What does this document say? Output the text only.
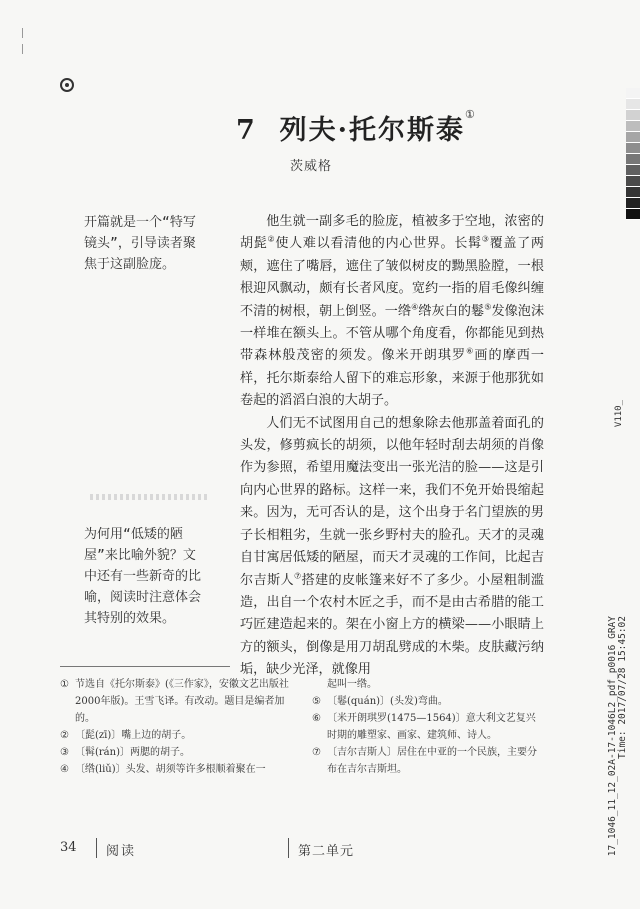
7 列夫·托尔斯泰①
茨威格
开篇就是一个“特写镜头”，引导读者聚焦于这副脸庞。
为何用“低矮的陋屋”来比喻外貌？文中还有一些新奇的比喻，阅读时注意体会其特别的效果。

他生就一副多毛的脸庞，植被多于空地，浓密的胡髭②使人难以看清他的内心世界。长髯③覆盖了两颊，遮住了嘴唇，遮住了皱似树皮的黝黑脸膛，一根根迎风飘动，颇有长者风度。宽约一指的眉毛像纠缠不清的树根，朝上倒竖。一绺④绺灰白的鬈⑤发像泡沫一样堆在额头上。不管从哪个角度看，你都能见到热带森林般茂密的须发。像米开朗琪罗⑥画的摩西一样，托尔斯泰给人留下的难忘形象，来源于他那犹如卷起的滔滔白浪的大胡子。

人们无不试图用自己的想象除去他那盖着面孔的头发，修剪疯长的胡须，以他年轻时刮去胡须的肖像作为参照，希望用魔法变出一张光洁的脸——这是引向内心世界的路标。这样一来，我们不免开始畏缩起来。因为，无可否认的是，这个出身于名门望族的男子长相粗劣，生就一张乡野村夫的脸孔。天才的灵魂自甘寓居低矮的陋屋，而天才灵魂的工作间，比起吉尔吉斯人⑦搭建的皮帐篷来好不了多少。小屋粗制滥造，出自一个农村木匠之手，而不是由古希腊的能工巧匠建造起来的。架在小窗上方的横梁——小眼睛上方的额头，倒像是用刀胡乱劈成的木柴。皮肤藏污纳垢，缺少光泽，就像用

① 节选自《托尔斯泰》(《三作家》，安徽文艺出版社2000年版)。王雪飞译。有改动。题目是编者加的。
② 〔髭(zī)〕嘴上边的胡子。
③ 〔髯(rán)〕两腮的胡子。
④ 〔绺(liǔ)〕头发、胡须等许多根顺着聚在一
起叫一绺。
⑤ 〔鬈(quán)〕(头发)弯曲。
⑥ 〔米开朗琪罗(1475—1564)〕意大利文艺复兴时期的雕塑家、画家、建筑师、诗人。
⑦ 〔吉尔吉斯人〕居住在中亚的一个民族，主要分布在吉尔吉斯坦。
34 阅读	第二单元	17_1046_11_12_02A-17-1046L2_pdf_p0016 GRAY Time: 2017/07/28 15:45:02
V110_
